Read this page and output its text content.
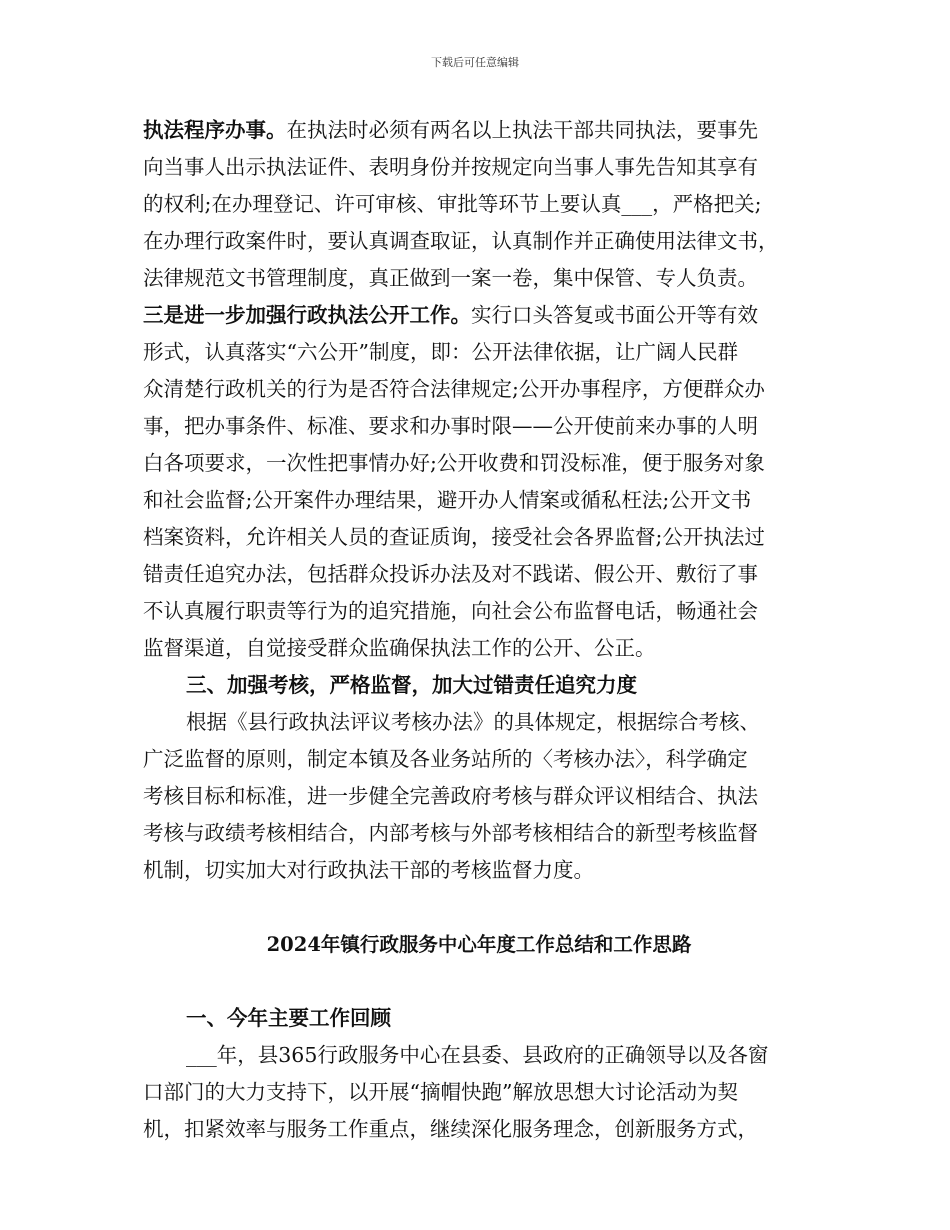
下载后可任意编辑
执法程序办事。在执法时必须有两名以上执法干部共同执法，要事先
向当事人出示执法证件、表明身份并按规定向当事人事先告知其享有
的权利;在办理登记、许可审核、审批等环节上要认真___，严格把关;
在办理行政案件时，要认真调查取证，认真制作并正确使用法律文书，
法律规范文书管理制度，真正做到一案一卷，集中保管、专人负责。
三是进一步加强行政执法公开工作。实行口头答复或书面公开等有效
形式，认真落实“六公开”制度，即：公开法律依据，让广阔人民群
众清楚行政机关的行为是否符合法律规定;公开办事程序，方便群众办
事，把办事条件、标准、要求和办事时限——公开使前来办事的人明
白各项要求，一次性把事情办好;公开收费和罚没标准，便于服务对象
和社会监督;公开案件办理结果，避开办人情案或循私枉法;公开文书
档案资料，允许相关人员的查证质询，接受社会各界监督;公开执法过
错责任追究办法，包括群众投诉办法及对不践诺、假公开、敷衍了事
不认真履行职责等行为的追究措施，向社会公布监督电话，畅通社会
监督渠道，自觉接受群众监确保执法工作的公开、公正。
三、加强考核，严格监督，加大过错责任追究力度
根据《县行政执法评议考核办法》的具体规定，根据综合考核、
广泛监督的原则，制定本镇及各业务站所的〈考核办法〉，科学确定
考核目标和标准，进一步健全完善政府考核与群众评议相结合、执法
考核与政绩考核相结合，内部考核与外部考核相结合的新型考核监督
机制，切实加大对行政执法干部的考核监督力度。
2024年镇行政服务中心年度工作总结和工作思路
一、今年主要工作回顾
___年，县365行政服务中心在县委、县政府的正确领导以及各窗
口部门的大力支持下，以开展“摘帽快跑”解放思想大讨论活动为契
机，扣紧效率与服务工作重点，继续深化服务理念，创新服务方式，
